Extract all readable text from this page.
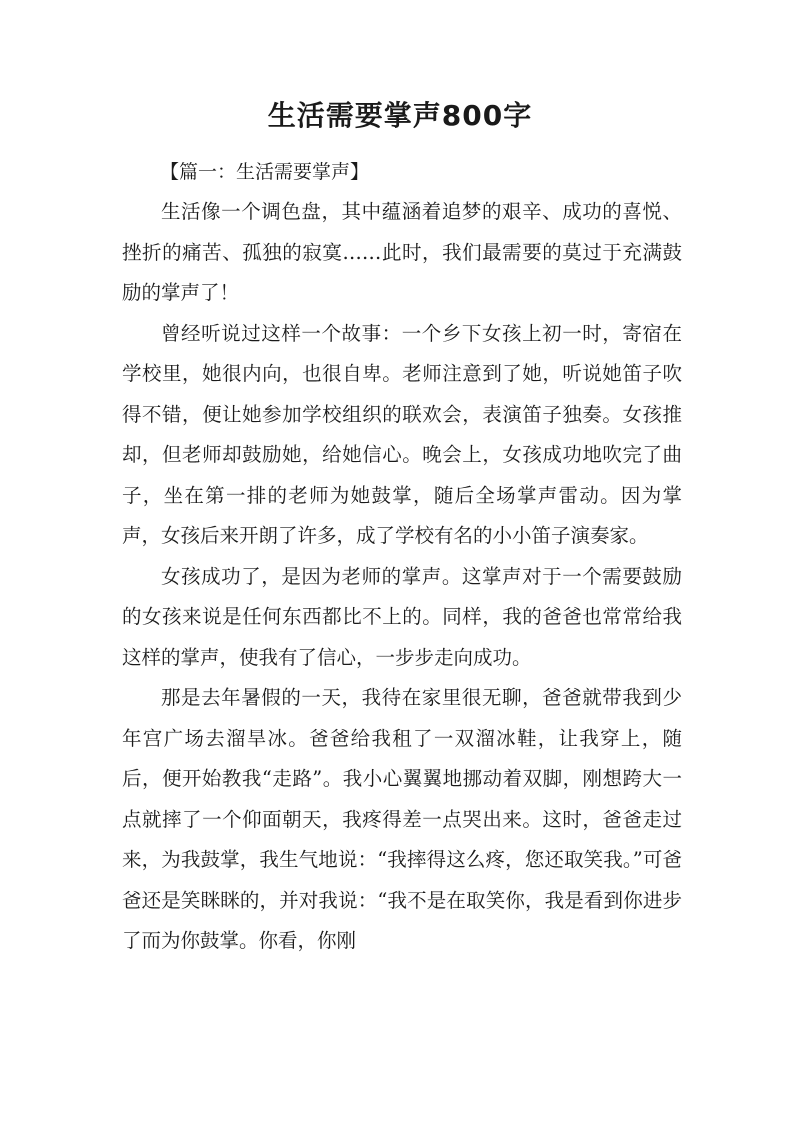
生活需要掌声800字

【篇一：生活需要掌声】

生活像一个调色盘，其中蕴涵着追梦的艰辛、成功的喜悦、挫折的痛苦、孤独的寂寞……此时，我们最需要的莫过于充满鼓励的掌声了！

曾经听说过这样一个故事：一个乡下女孩上初一时，寄宿在学校里，她很内向，也很自卑。老师注意到了她，听说她笛子吹得不错，便让她参加学校组织的联欢会，表演笛子独奏。女孩推却，但老师却鼓励她，给她信心。晚会上，女孩成功地吹完了曲子，坐在第一排的老师为她鼓掌，随后全场掌声雷动。因为掌声，女孩后来开朗了许多，成了学校有名的小小笛子演奏家。

女孩成功了，是因为老师的掌声。这掌声对于一个需要鼓励的女孩来说是任何东西都比不上的。同样，我的爸爸也常常给我这样的掌声，使我有了信心，一步步走向成功。

那是去年暑假的一天，我待在家里很无聊，爸爸就带我到少年宫广场去溜旱冰。爸爸给我租了一双溜冰鞋，让我穿上，随后，便开始教我“走路”。我小心翼翼地挪动着双脚，刚想跨大一点就摔了一个仰面朝天，我疼得差一点哭出来。这时，爸爸走过来，为我鼓掌，我生气地说：“我摔得这么疼，您还取笑我。”可爸爸还是笑眯眯的，并对我说：“我不是在取笑你，我是看到你进步了而为你鼓掌。你看，你刚
